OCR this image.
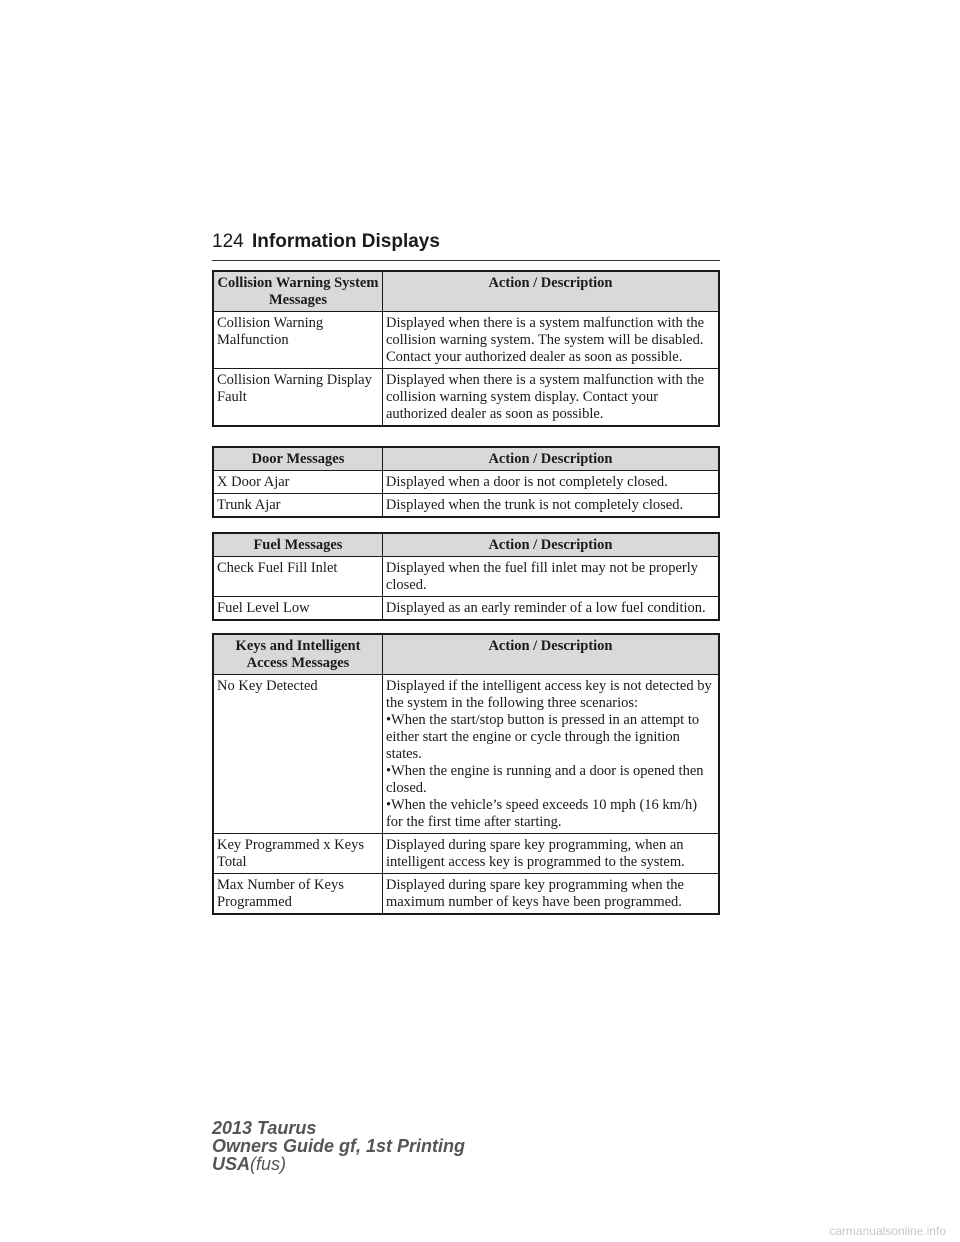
124 Information Displays
Collision Warning System Messages	Action / Description
Collision Warning Malfunction	Displayed when there is a system malfunction with the collision warning system. The system will be disabled. Contact your authorized dealer as soon as possible.
Collision Warning Display Fault	Displayed when there is a system malfunction with the collision warning system display. Contact your authorized dealer as soon as possible.
Door Messages	Action / Description
X Door Ajar	Displayed when a door is not completely closed.
Trunk Ajar	Displayed when the trunk is not completely closed.
Fuel Messages	Action / Description
Check Fuel Fill Inlet	Displayed when the fuel fill inlet may not be properly closed.
Fuel Level Low	Displayed as an early reminder of a low fuel condition.
Keys and Intelligent Access Messages	Action / Description
No Key Detected	Displayed if the intelligent access key is not detected by the system in the following three scenarios:
•When the start/stop button is pressed in an attempt to either start the engine or cycle through the ignition states.
•When the engine is running and a door is opened then closed.
•When the vehicle’s speed exceeds 10 mph (16 km/h) for the first time after starting.

Key Programmed x Keys Total	Displayed during spare key programming, when an intelligent access key is programmed to the system.
Max Number of Keys Programmed	Displayed during spare key programming when the maximum number of keys have been programmed.
2013 Taurus
Owners Guide gf, 1st Printing
USA(fus)
carmanualsonline.info
